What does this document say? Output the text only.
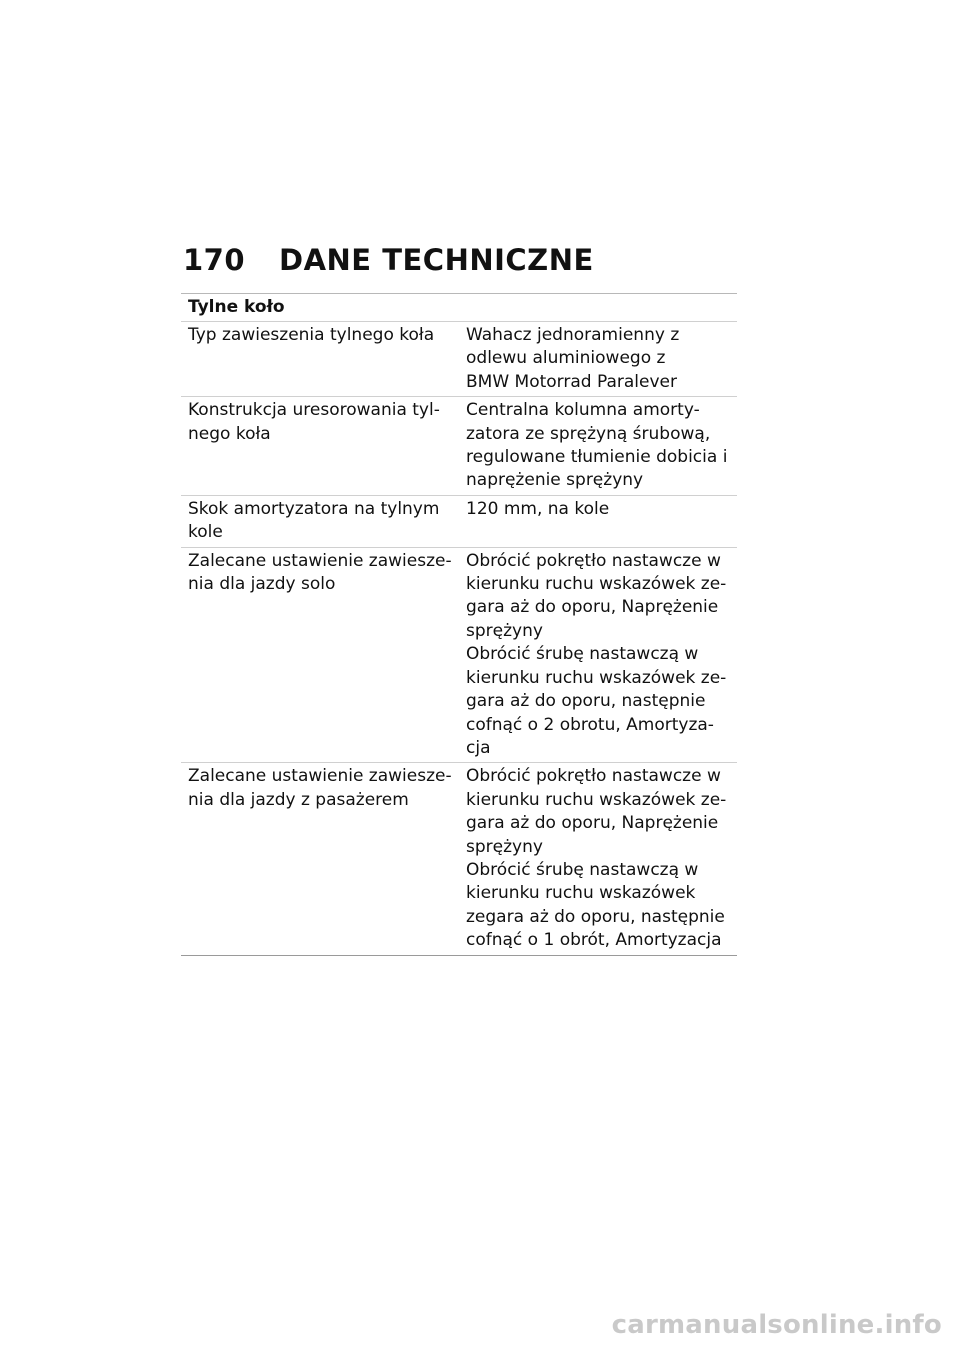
170	DANE TECHNICZNE
Tylne koło
Typ zawieszenia tylnego koła	Wahacz jednoramienny z
odlewu aluminiowego z
BMW Motorrad Paralever
Konstrukcja uresorowania tyl-
nego koła
Centralna kolumna amorty-
zatora ze sprężyną śrubową,
regulowane tłumienie dobicia i
naprężenie sprężyny
Skok amortyzatora na tylnym
kole
120 mm, na kole
Zalecane ustawienie zawiesze-
nia dla jazdy solo
Obrócić pokrętło nastawcze w
kierunku ruchu wskazówek ze-
gara aż do oporu, Naprężenie
sprężyny
Obrócić śrubę nastawczą w
kierunku ruchu wskazówek ze-
gara aż do oporu, następnie
cofnąć o 2 obrotu, Amortyza-
cja
Zalecane ustawienie zawiesze-
nia dla jazdy z pasażerem
Obrócić pokrętło nastawcze w
kierunku ruchu wskazówek ze-
gara aż do oporu, Naprężenie
sprężyny
Obrócić śrubę nastawczą w
kierunku ruchu wskazówek
zegara aż do oporu, następnie
cofnąć o 1 obrót, Amortyzacja
carmanualsonline.info
